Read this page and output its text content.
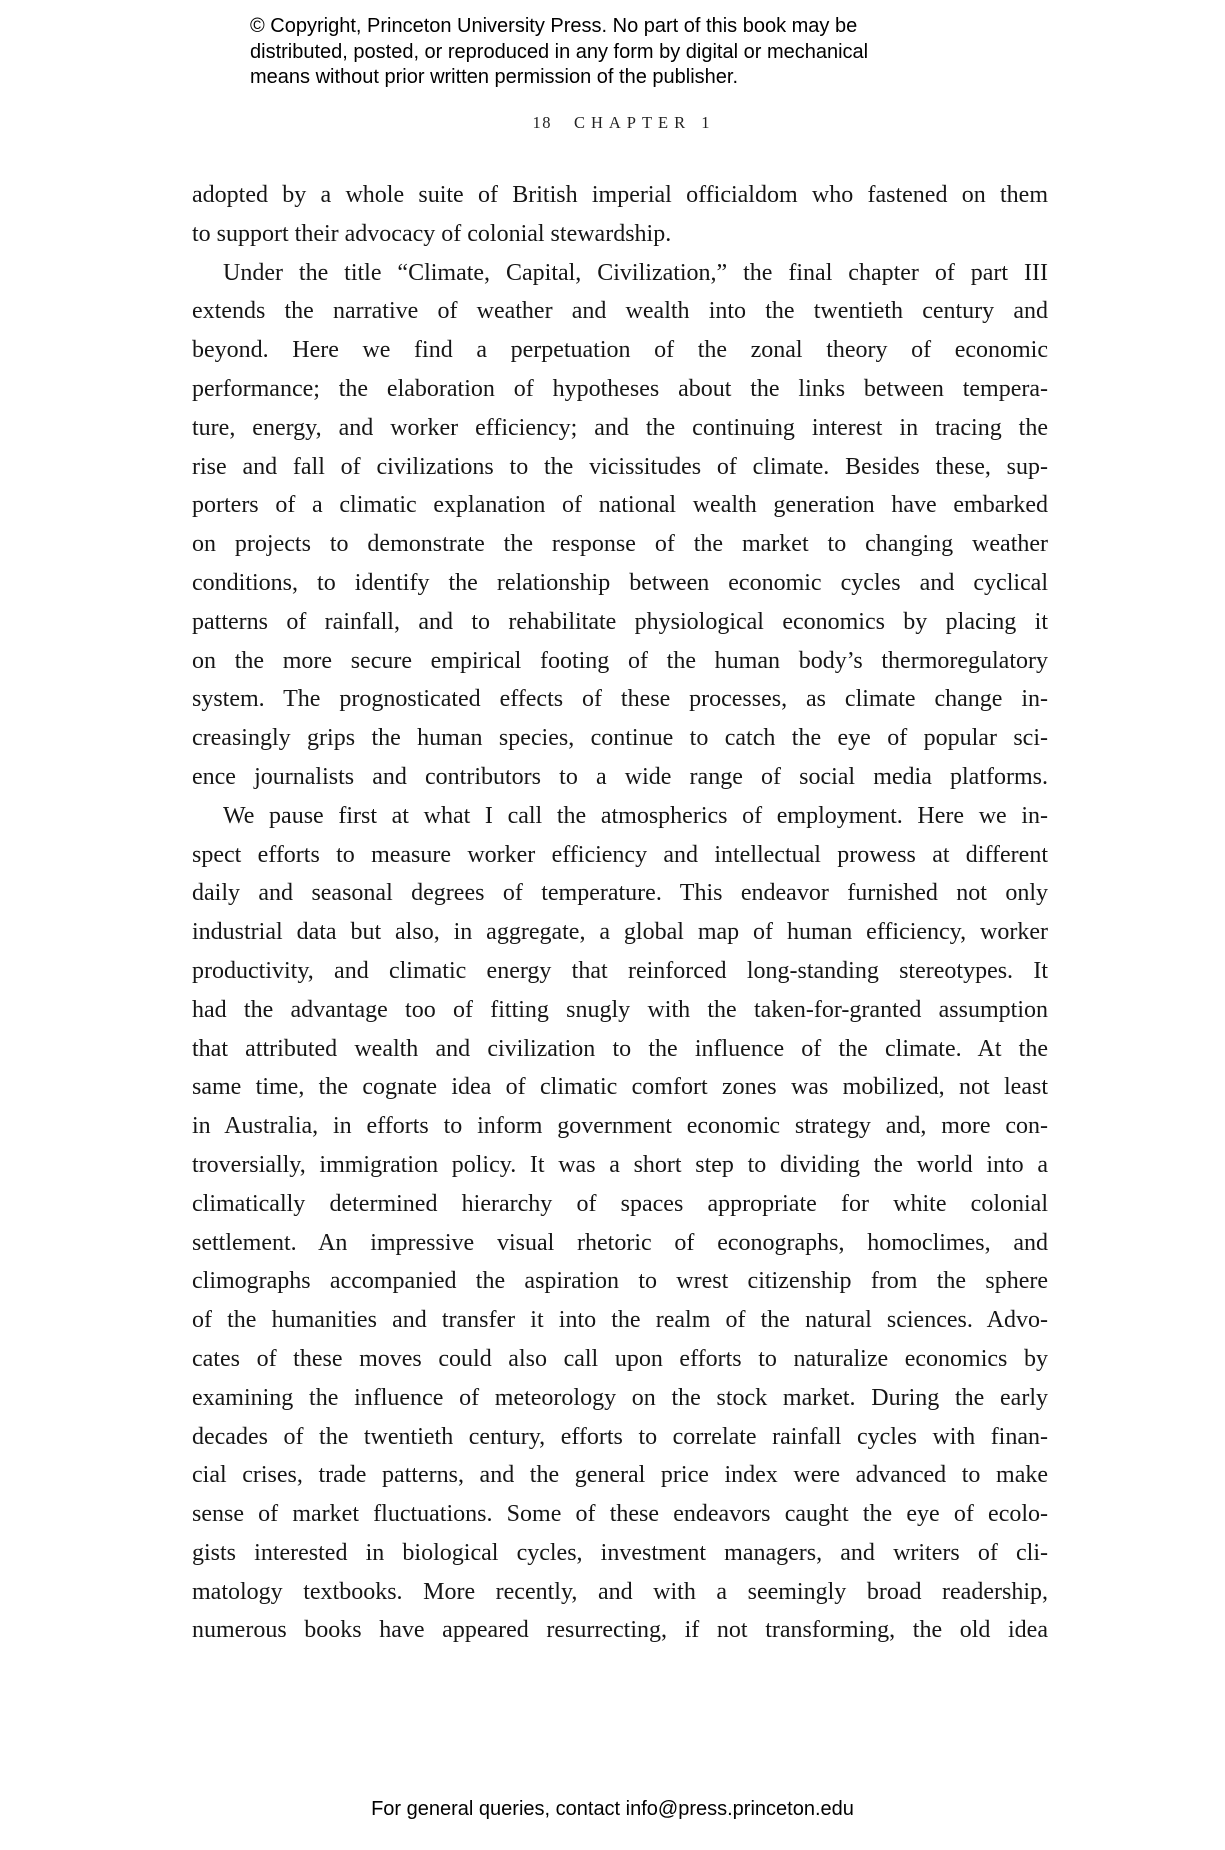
© Copyright, Princeton University Press. No part of this book may be
distributed, posted, or reproduced in any form by digital or mechanical
means without prior written permission of the publisher.
18 CHAPTER 1
adopted by a whole suite of British imperial officialdom who fastened on them
to support their advocacy of colonial stewardship.
Under the title “Climate, Capital, Civilization,” the final chapter of part III
extends the narrative of weather and wealth into the twentieth century and
beyond. Here we find a perpetuation of the zonal theory of economic
performance; the elaboration of hypotheses about the links between tempera-
ture, energy, and worker efficiency; and the continuing interest in tracing the
rise and fall of civilizations to the vicissitudes of climate. Besides these, sup-
porters of a climatic explanation of national wealth generation have embarked
on projects to demonstrate the response of the market to changing weather
conditions, to identify the relationship between economic cycles and cyclical
patterns of rainfall, and to rehabilitate physiological economics by placing it
on the more secure empirical footing of the human body’s thermoregulatory
system. The prognosticated effects of these processes, as climate change in-
creasingly grips the human species, continue to catch the eye of popular sci-
ence journalists and contributors to a wide range of social media platforms.
We pause first at what I call the atmospherics of employment. Here we in-
spect efforts to measure worker efficiency and intellectual prowess at different
daily and seasonal degrees of temperature. This endeavor furnished not only
industrial data but also, in aggregate, a global map of human efficiency, worker
productivity, and climatic energy that reinforced long-standing stereotypes. It
had the advantage too of fitting snugly with the taken-for-granted assumption
that attributed wealth and civilization to the influence of the climate. At the
same time, the cognate idea of climatic comfort zones was mobilized, not least
in Australia, in efforts to inform government economic strategy and, more con-
troversially, immigration policy. It was a short step to dividing the world into a
climatically determined hierarchy of spaces appropriate for white colonial
settlement. An impressive visual rhetoric of econographs, homoclimes, and
climographs accompanied the aspiration to wrest citizenship from the sphere
of the humanities and transfer it into the realm of the natural sciences. Advo-
cates of these moves could also call upon efforts to naturalize economics by
examining the influence of meteorology on the stock market. During the early
decades of the twentieth century, efforts to correlate rainfall cycles with finan-
cial crises, trade patterns, and the general price index were advanced to make
sense of market fluctuations. Some of these endeavors caught the eye of ecolo-
gists interested in biological cycles, investment managers, and writers of cli-
matology textbooks. More recently, and with a seemingly broad readership,
numerous books have appeared resurrecting, if not transforming, the old idea
For general queries, contact info@press.princeton.edu
